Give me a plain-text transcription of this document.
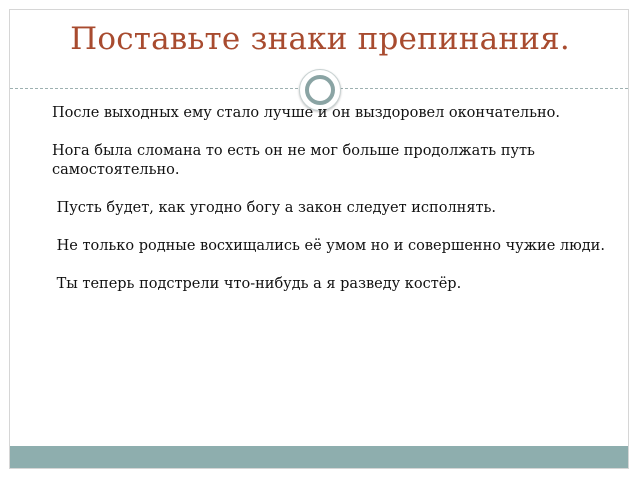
Поставьте знаки препинания.

После выходных ему стало лучше и он выздоровел окончательно.

Нога была сломана то есть он не мог больше продолжать путь самостоятельно.

Пусть будет, как угодно богу а закон следует исполнять.

Не только родные восхищались её умом но и совершенно чужие люди.

Ты теперь подстрели что-нибудь а я разведу костёр.
